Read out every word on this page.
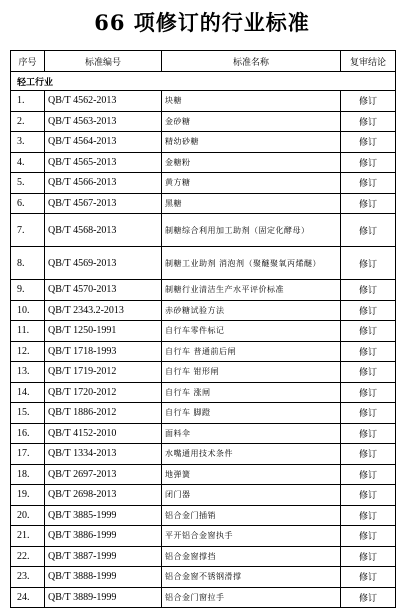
66 项修订的行业标准
序号	标准编号	标准名称	复审结论
轻工行业			
1.	QB/T 4562-2013	块糖	修订
2.	QB/T 4563-2013	金砂糖	修订
3.	QB/T 4564-2013	精幼砂糖	修订
4.	QB/T 4565-2013	金糖粉	修订
5.	QB/T 4566-2013	黄方糖	修订
6.	QB/T 4567-2013	黑糖	修订
7.	QB/T 4568-2013	制糖综合利用加工助剂（固定化酵母）	修订
8.	QB/T 4569-2013	制糖工业助剂 消泡剂（聚醚聚氧丙烯醚）	修订
9.	QB/T 4570-2013	制糖行业清洁生产水平评价标准	修订
10.	QB/T 2343.2-2013	赤砂糖试验方法	修订
11.	QB/T 1250-1991	自行车零件标记	修订
12.	QB/T 1718-1993	自行车 普通前后闸	修订
13.	QB/T 1719-2012	自行车 钳形闸	修订
14.	QB/T 1720-2012	自行车 涨闸	修订
15.	QB/T 1886-2012	自行车 脚蹬	修订
16.	QB/T 4152-2010	面料伞	修订
17.	QB/T 1334-2013	水嘴通用技术条件	修订
18.	QB/T 2697-2013	地弹簧	修订
19.	QB/T 2698-2013	闭门器	修订
20.	QB/T 3885-1999	铝合金门插销	修订
21.	QB/T 3886-1999	平开铝合金窗执手	修订
22.	QB/T 3887-1999	铝合金窗撑挡	修订
23.	QB/T 3888-1999	铝合金窗不锈钢滑撑	修订
24.	QB/T 3889-1999	铝合金门窗拉手	修订
